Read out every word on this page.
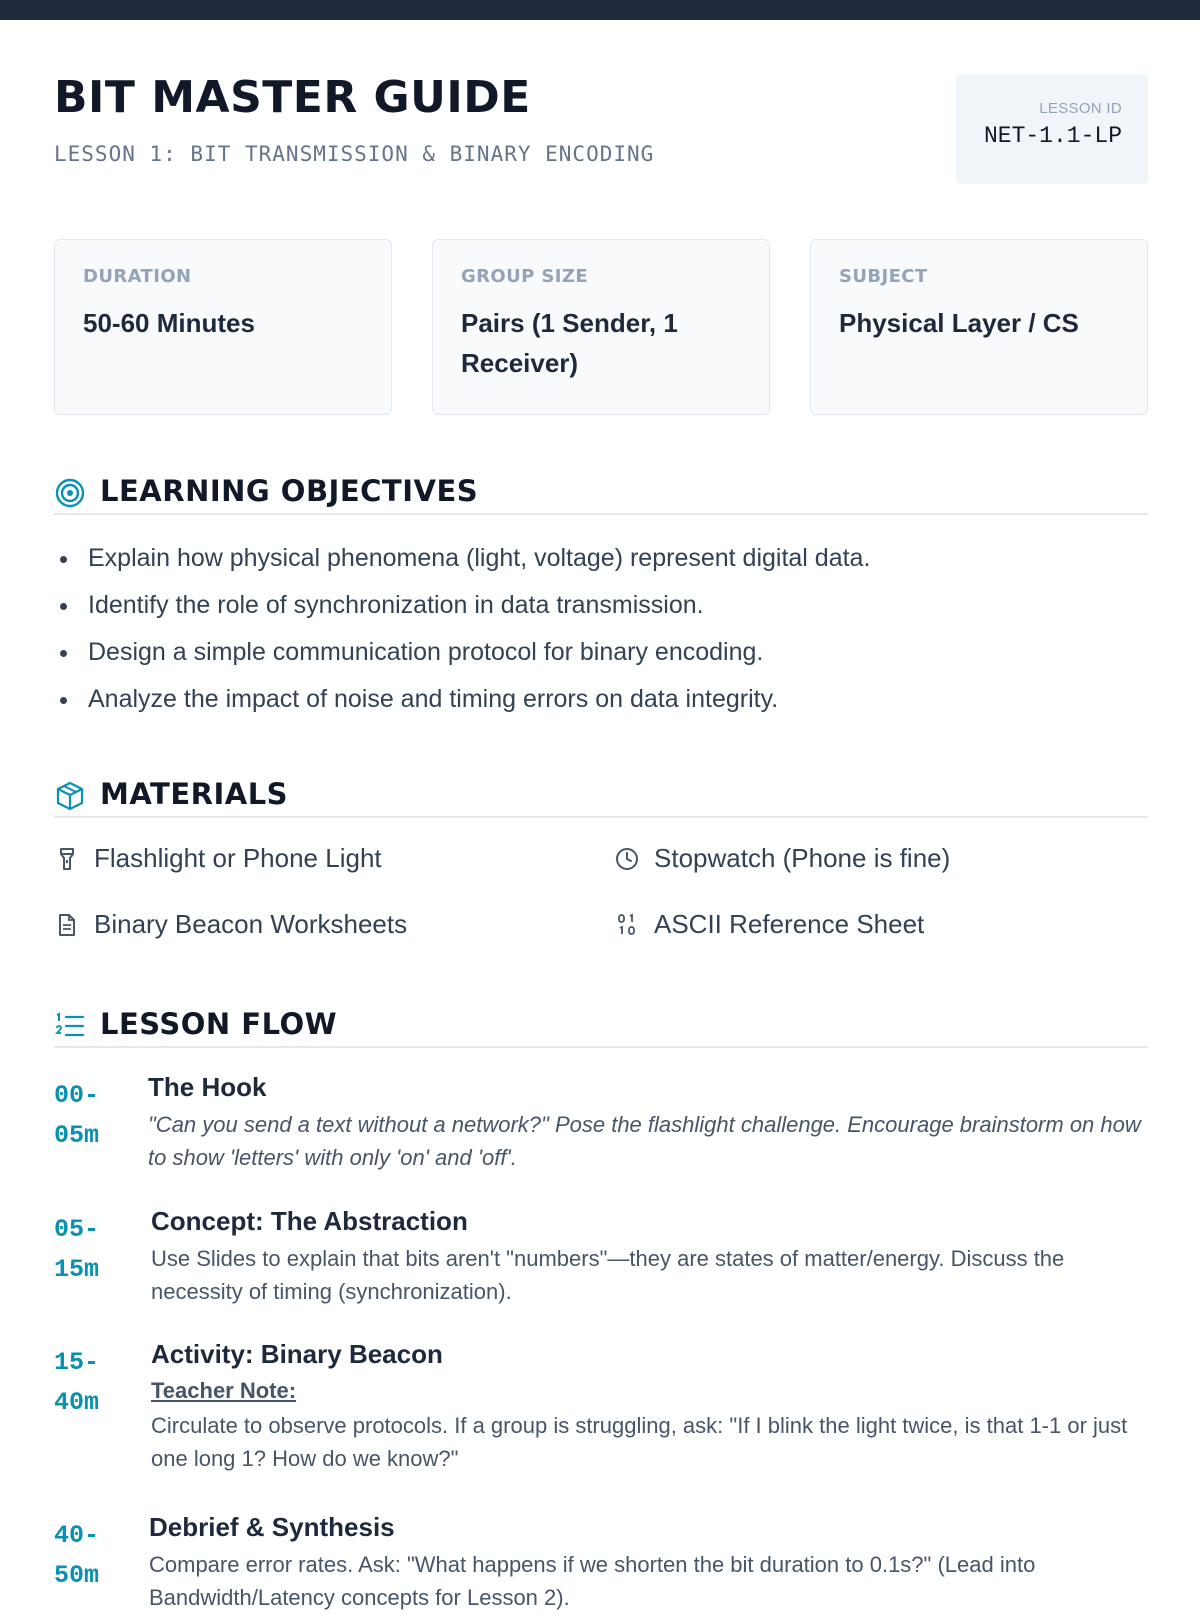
BIT MASTER GUIDE
LESSON 1: BIT TRANSMISSION & BINARY ENCODING
LESSON ID
NET-1.1-LP
DURATION
50-60 Minutes
GROUP SIZE
Pairs (1 Sender, 1 Receiver)
SUBJECT
Physical Layer / CS
LEARNING OBJECTIVES
Explain how physical phenomena (light, voltage) represent digital data.
Identify the role of synchronization in data transmission.
Design a simple communication protocol for binary encoding.
Analyze the impact of noise and timing errors on data integrity.
MATERIALS
Flashlight or Phone Light	Stopwatch (Phone is fine)
Binary Beacon Worksheets	ASCII Reference Sheet
LESSON FLOW
00-05m
The Hook
"Can you send a text without a network?" Pose the flashlight challenge. Encourage brainstorm on how to show 'letters' with only 'on' and 'off'.
05-15m
Concept: The Abstraction
Use Slides to explain that bits aren't "numbers"—they are states of matter/energy. Discuss the necessity of timing (synchronization).
15-40m
Activity: Binary Beacon
Teacher Note:
Circulate to observe protocols. If a group is struggling, ask: "If I blink the light twice, is that 1-1 or just one long 1? How do we know?"
40-50m
Debrief & Synthesis
Compare error rates. Ask: "What happens if we shorten the bit duration to 0.1s?" (Lead into Bandwidth/Latency concepts for Lesson 2).
